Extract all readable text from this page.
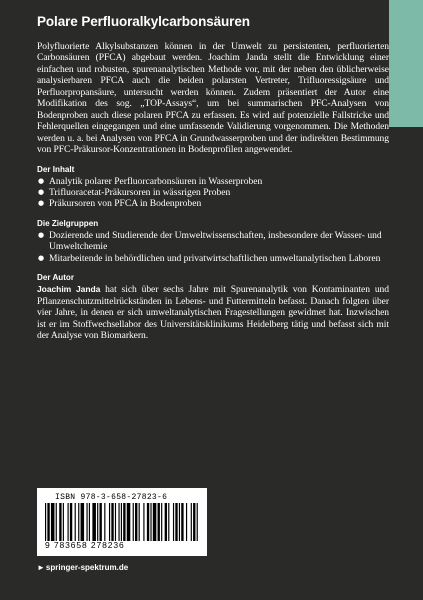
Polare Perfluoralkylcarbonsäuren

Polyfluorierte Alkylsubstanzen können in der Umwelt zu persistenten, perfluorierten Carbonsäuren (PFCA) abgebaut werden. Joachim Janda stellt die Entwicklung einer einfachen und robusten, spurenanalytischen Methode vor, mit der neben den üblicherweise analysierbaren PFCA auch die beiden polarsten Vertreter, Trifluoressigsäure und Perfluorpropansäure, untersucht werden können. Zudem präsentiert der Autor eine Modifikation des sog. „TOP-Assays“, um bei summarischen PFC-Analysen von Bodenproben auch diese polaren PFCA zu erfassen. Es wird auf potenzielle Fallstricke und Fehlerquellen eingegangen und eine umfassende Validierung vorgenommen. Die Methoden werden u. a. bei Analysen von PFCA in Grundwasserproben und der indirekten Bestimmung von PFC-Präkursor-Konzentrationen in Bodenprofilen angewendet.

Der Inhalt
● Analytik polarer Perfluorcarbonsäuren in Wasserproben
● Trifluoracetat-Präkursoren in wässrigen Proben
● Präkursoren von PFCA in Bodenproben
Die Zielgruppen
● Dozierende und Studierende der Umweltwissenschaften, insbesondere der Wasser- und Umweltchemie
● Mitarbeitende in behördlichen und privatwirtschaftlichen umweltanalytischen Laboren
Der Autor

Joachim Janda hat sich über sechs Jahre mit Spurenanalytik von Kontaminanten und Pflanzenschutzmittelrückständen in Lebens- und Futtermitteln befasst. Danach folgten über vier Jahre, in denen er sich umweltanalytischen Fragestellungen gewidmet hat. Inzwischen ist er im Stoffwechsellabor des Universitätsklinikums Heidelberg tätig und befasst sich mit der Analyse von Biomarkern.

ISBN 978-3-658-27823-6
9 783658 278236
►springer-spektrum.de
